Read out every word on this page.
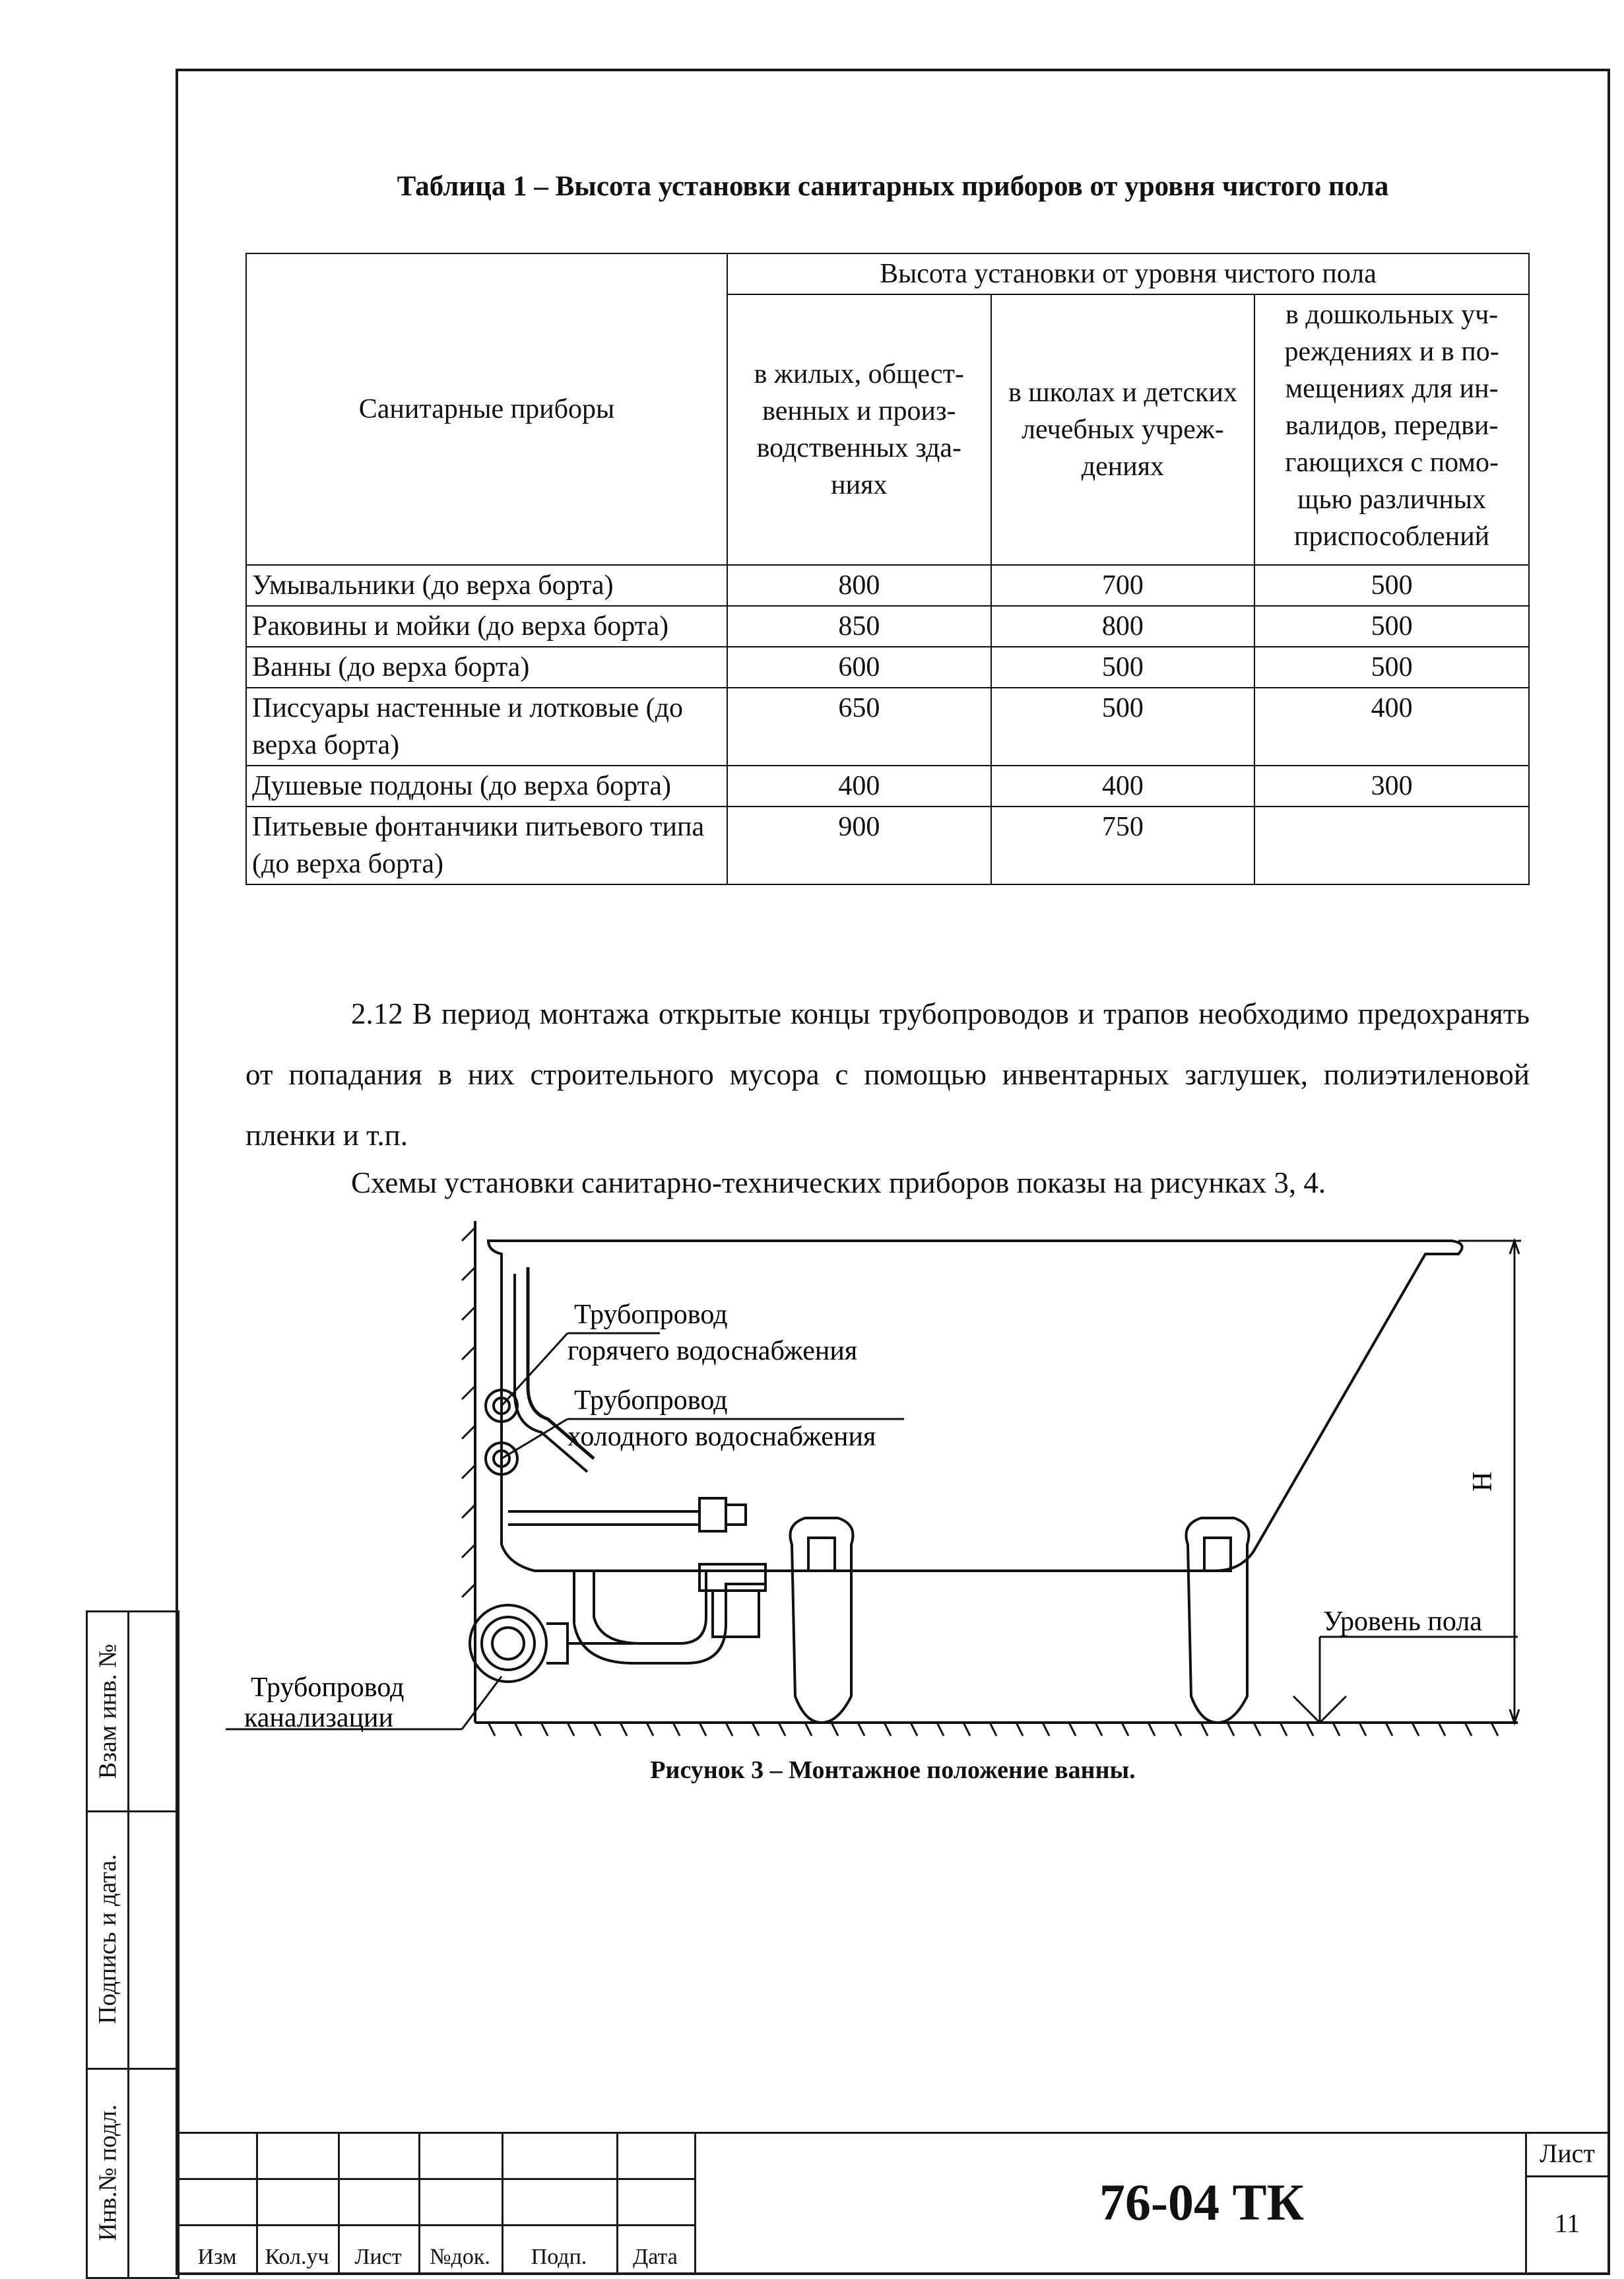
Таблица 1 – Высота установки санитарных приборов от уровня чистого пола
Санитарные приборы	Высота установки от уровня чистого пола		
	в жилых, общест-венных и произ-водственных зда-ниях	в школах и детских лечебных учреж-дениях	в дошкольных уч-реждениях и в по-мещениях для ин-валидов, передви-гающихся с помо-щью различных приспособлений
Умывальники (до верха борта)	800	700	500
Раковины и мойки (до верха борта)	850	800	500
Ванны (до верха борта)	600	500	500
Писсуары настенные и лотковые (до верха борта)	650	500	400
Душевые поддоны (до верха борта)	400	400	300
Питьевые фонтанчики питьевого типа (до верха борта)	900	750	
2.12 В период монтажа открытые концы трубопроводов и трапов необходимо предохранять от попадания в них строительного мусора с помощью инвентарных заглушек, полиэтиленовой пленки и т.п.
Схемы установки санитарно-технических приборов показы на рисунках 3, 4.
Трубопровод
горячего водоснабжения
Трубопровод
холодного водоснабжения
Трубопровод
канализации
Уровень пола
Н
Рисунок 3 – Монтажное положение ванны.
Взам инв. №
Подпись и дата.
Инв.№ подл.
Изм	Кол.уч	Лист	№док.	Подп.	Дата
76-04 ТК
Лист
11
